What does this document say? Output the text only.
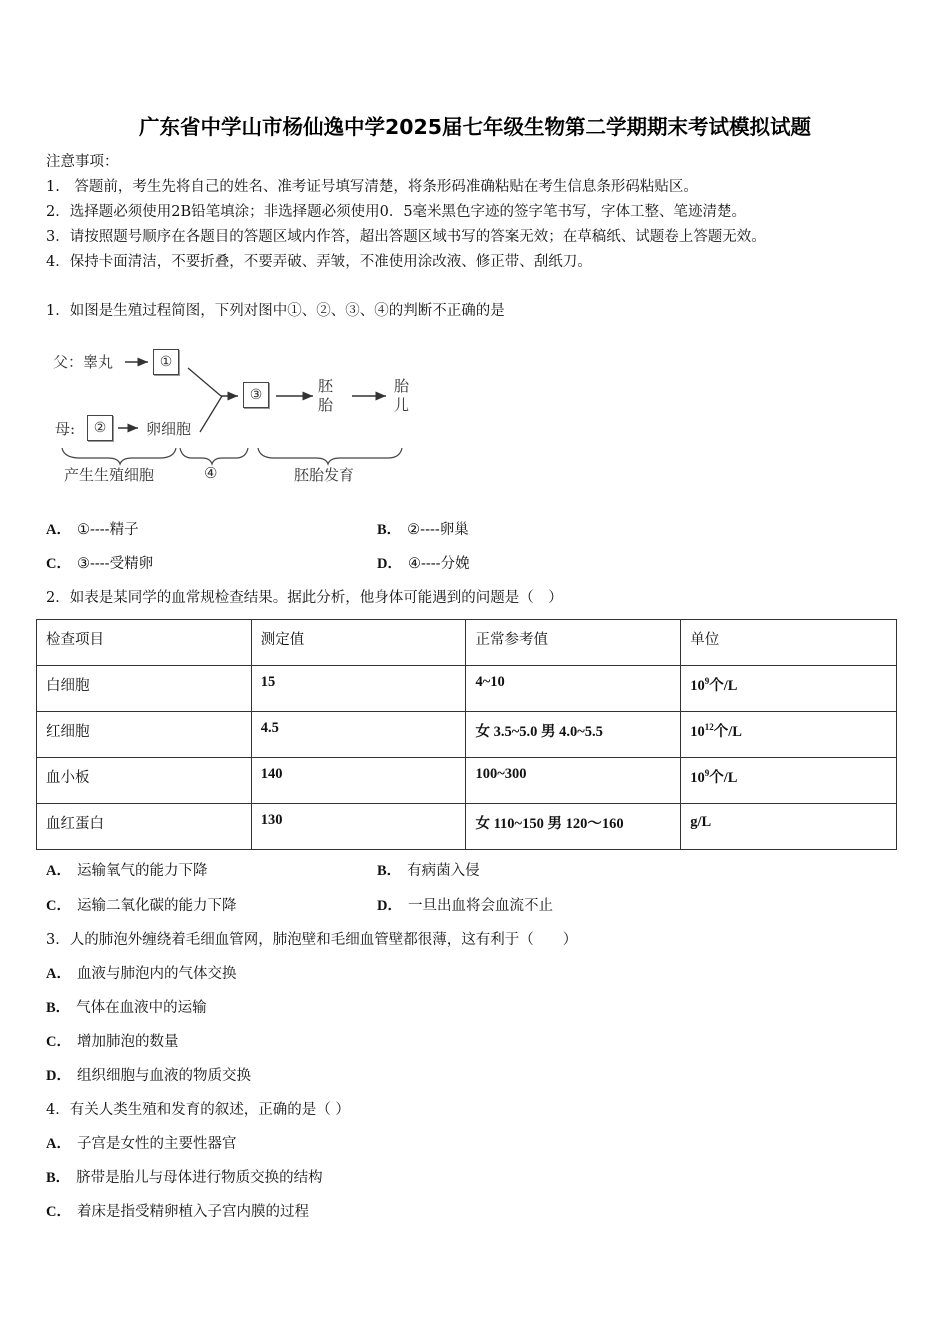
广东省中学山市杨仙逸中学2025届七年级生物第二学期期末考试模拟试题
注意事项：
1.　答题前，考生先将自己的姓名、准考证号填写清楚，将条形码准确粘贴在考生信息条形码粘贴区。
2．选择题必须使用2B铅笔填涂；非选择题必须使用0．5毫米黑色字迹的签字笔书写，字体工整、笔迹清楚。
3．请按照题号顺序在各题目的答题区域内作答，超出答题区域书写的答案无效；在草稿纸、试题卷上答题无效。
4．保持卡面清洁，不要折叠，不要弄破、弄皱，不准使用涂改液、修正带、刮纸刀。
1．如图是生殖过程简图，下列对图中①、②、③、④的判断不正确的是
父：睾丸	①
母:	②	卵细胞
③	胚
胎
胎
儿
产生生殖细胞	④	胚胎发育
A． ①----精子	B． ②----卵巢
C． ③----受精卵	D． ④----分娩
2．如表是某同学的血常规检查结果。据此分析，他身体可能遇到的问题是（　）
检查项目	测定值	正常参考值	单位
白细胞	15	4~10	$10^9$个/L
红细胞	4.5	女 3.5~5.0 男 4.0~5.5	$10^{12}$个/L
血小板	140	100~300	$10^9$个/L
血红蛋白	130	女 110~150 男 120～160	g/L
A． 运输氧气的能力下降	B． 有病菌入侵
C． 运输二氧化碳的能力下降	D． 一旦出血将会血流不止
3．人的肺泡外缠绕着毛细血管网，肺泡壁和毛细血管壁都很薄，这有利于（　　）
A． 血液与肺泡内的气体交换
B． 气体在血液中的运输
C． 增加肺泡的数量
D． 组织细胞与血液的物质交换
4．有关人类生殖和发育的叙述，正确的是（ ）
A． 子宫是女性的主要性器官
B． 脐带是胎儿与母体进行物质交换的结构
C． 着床是指受精卵植入子宫内膜的过程
